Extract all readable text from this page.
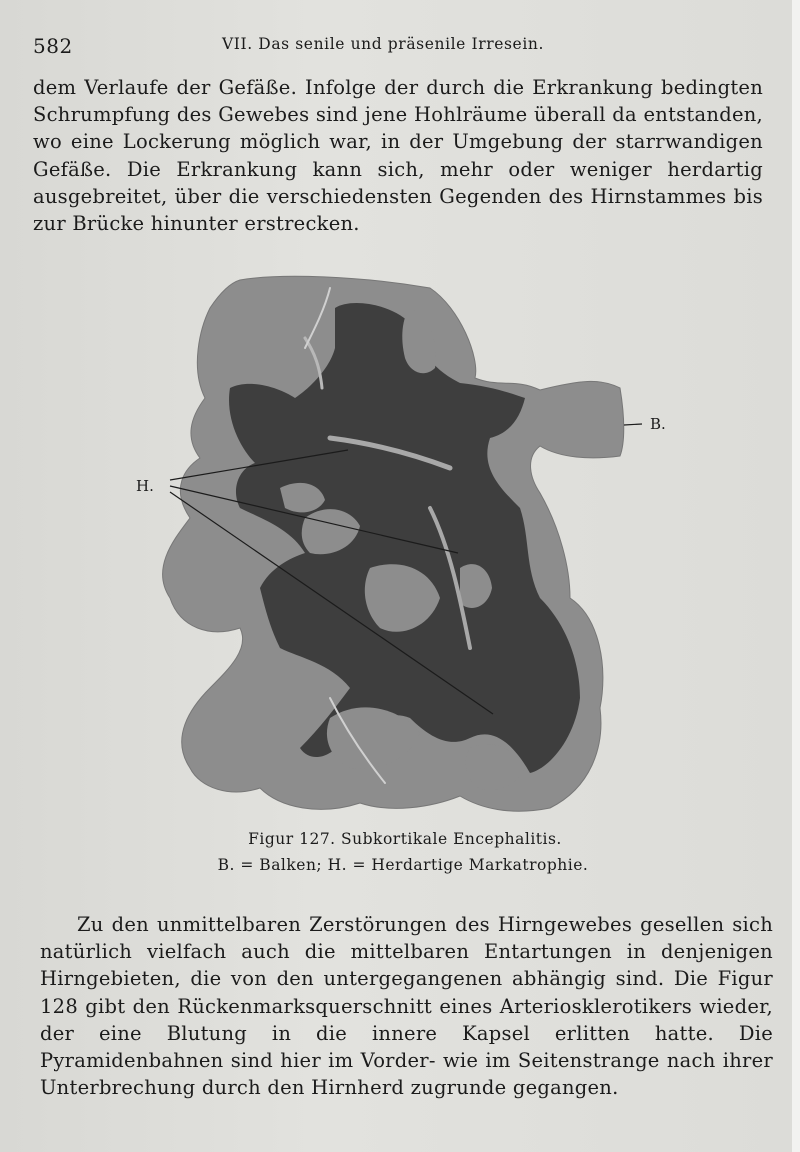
582	VII. Das senile und präsenile Irresein.

dem Verlaufe der Gefäße. Infolge der durch die Erkrankung bedingten Schrumpfung des Gewebes sind jene Hohlräume überall da entstanden, wo eine Lockerung möglich war, in der Umgebung der starrwandigen Gefäße. Die Erkrankung kann sich, mehr oder weniger herdartig ausgebreitet, über die verschiedensten Gegenden des Hirnstammes bis zur Brücke hinunter erstrecken.

H.
B.

Figur 127. Subkortikale Encephalitis.

B. = Balken; H. = Herdartige Markatrophie.

Zu den unmittelbaren Zerstörungen des Hirngewebes gesellen sich natürlich vielfach auch die mittelbaren Entartungen in denjenigen Hirngebieten, die von den untergegangenen abhängig sind. Die Figur 128 gibt den Rückenmarksquerschnitt eines Arteriosklerotikers wieder, der eine Blutung in die innere Kapsel erlitten hatte. Die Pyramidenbahnen sind hier im Vorder- wie im Seitenstrange nach ihrer Unterbrechung durch den Hirnherd zugrunde gegangen.
